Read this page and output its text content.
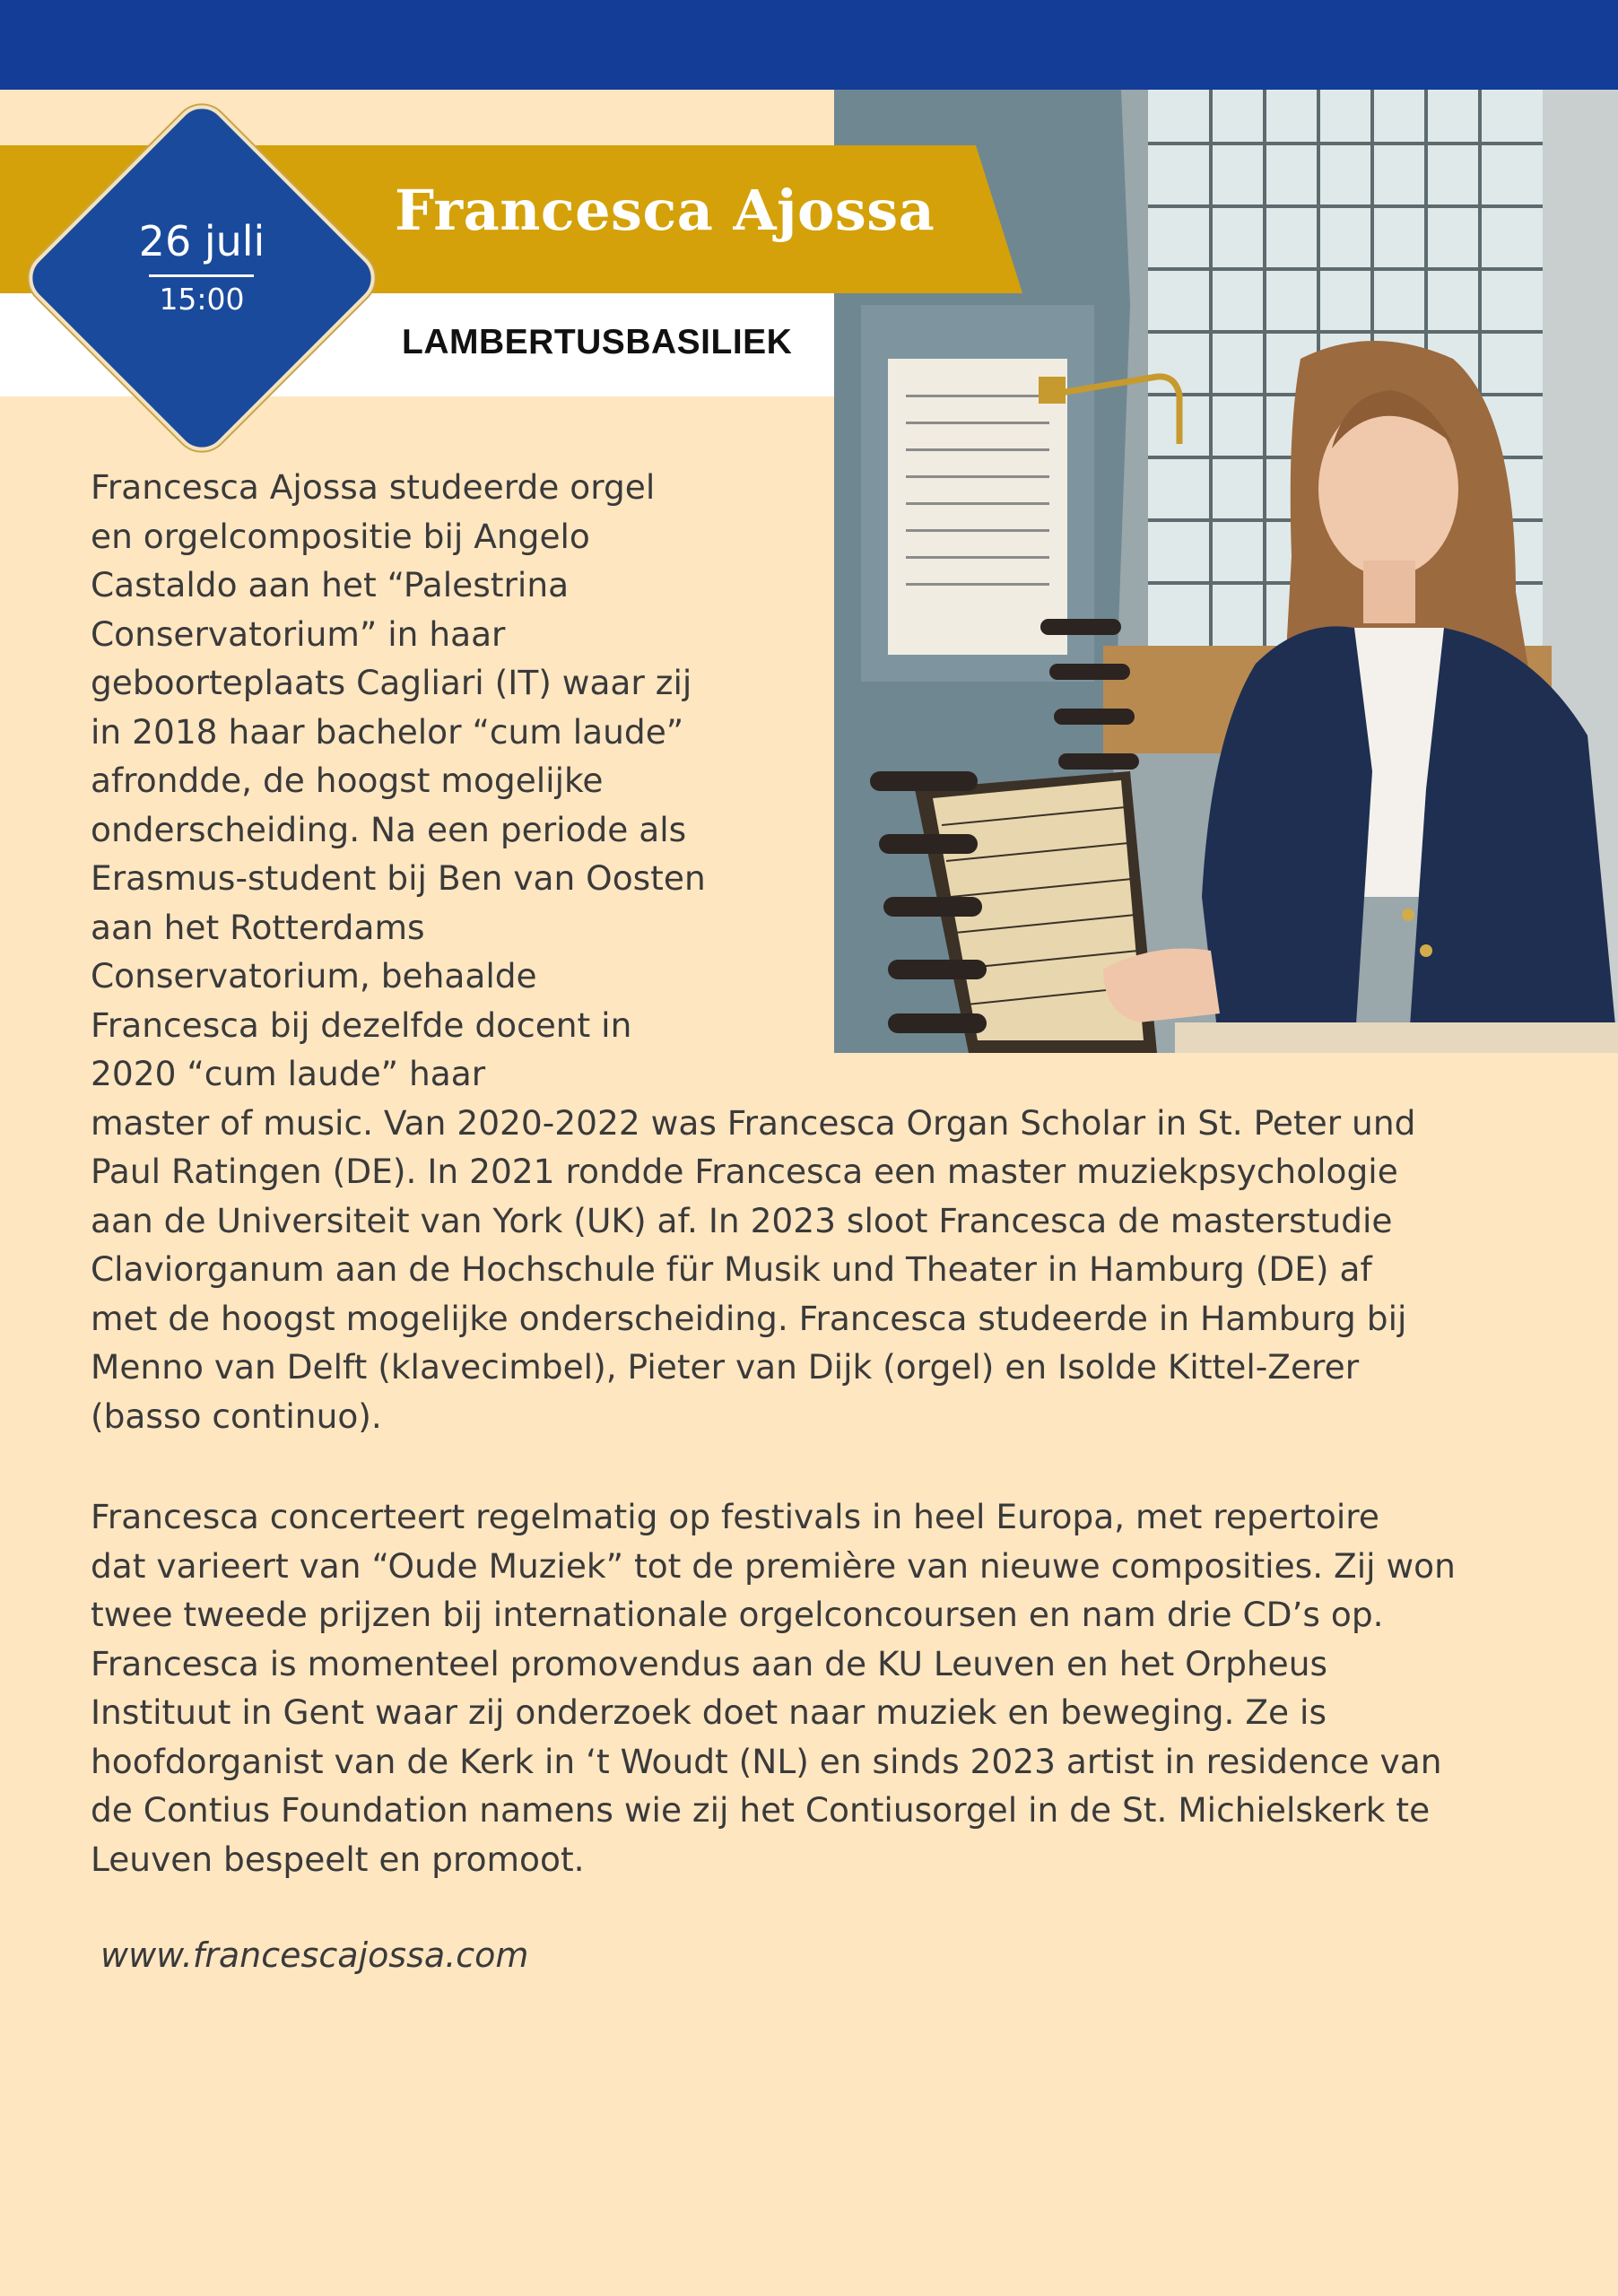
Francesca Ajossa
LAMBERTUSBASILIEK
26 juli
15:00
Francesca Ajossa studeerde orgel
en orgelcompositie bij Angelo
Castaldo aan het “Palestrina
Conservatorium” in haar
geboorteplaats Cagliari (IT) waar zij
in 2018 haar bachelor “cum laude”
afrondde, de hoogst mogelijke
onderscheiding. Na een periode als
Erasmus-student bij Ben van Oosten
aan het Rotterdams
Conservatorium, behaalde
Francesca bij dezelfde docent in
2020 “cum laude” haar
master of music. Van 2020-2022 was Francesca Organ Scholar in St. Peter und
Paul Ratingen (DE). In 2021 rondde Francesca een master muziekpsychologie
aan de Universiteit van York (UK) af. In 2023 sloot Francesca de masterstudie
Claviorganum aan de Hochschule für Musik und Theater in Hamburg (DE) af
met de hoogst mogelijke onderscheiding. Francesca studeerde in Hamburg bij
Menno van Delft (klavecimbel), Pieter van Dijk (orgel) en Isolde Kittel-Zerer
(basso continuo).
Francesca concerteert regelmatig op festivals in heel Europa, met repertoire
dat varieert van “Oude Muziek” tot de première van nieuwe composities. Zij won
twee tweede prijzen bij internationale orgelconcoursen en nam drie CD’s op.
Francesca is momenteel promovendus aan de KU Leuven en het Orpheus
Instituut in Gent waar zij onderzoek doet naar muziek en beweging. Ze is
hoofdorganist van de Kerk in ‘t Woudt (NL) en sinds 2023 artist in residence van
de Contius Foundation namens wie zij het Contiusorgel in de St. Michielskerk te
Leuven bespeelt en promoot.
www.francescajossa.com
